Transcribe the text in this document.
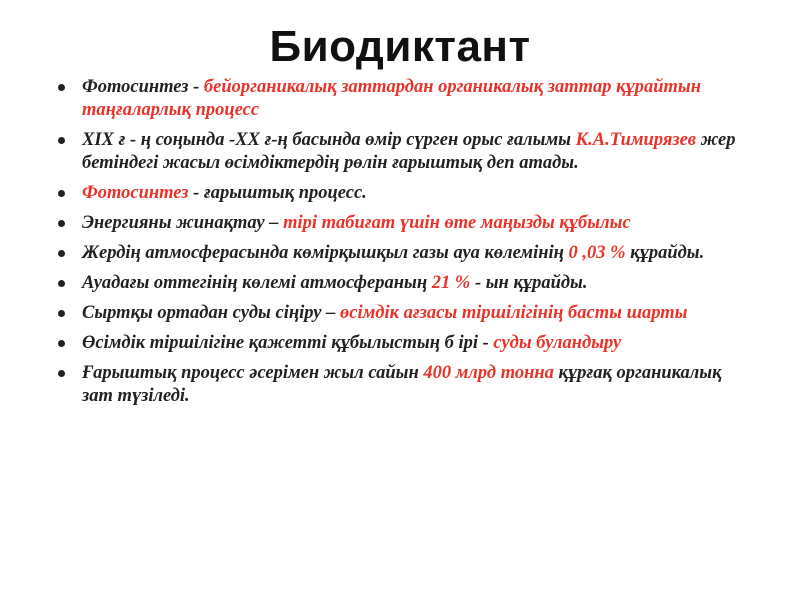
Биодиктант
Фотосинтез - бейорганикалық заттардан органикалық заттар құрайтын таңғаларлық процесс
XIX ғ - ң соңында -XX ғ-ң басында өмір сүрген орыс ғалымы К.А.Тимирязев жер бетіндегі жасыл өсімдіктердің рөлін ғарыштық деп атады.
Фотосинтез - ғарыштық процесс.
Энергияны жинақтау – тірі табиғат үшін өте маңызды құбылыс
Жердің атмосферасында көмірқышқыл газы ауа көлемінің 0 ,03 % құрайды.
Ауадағы оттегінің көлемі атмосфераның 21 % - ын құрайды.
Сыртқы ортадан суды сіңіру – өсімдік ағзасы тіршілігінің басты шарты
Өсімдік тіршілігіне қажетті құбылыстың б ірі - суды буландыру
Ғарыштық процесс әсерімен жыл сайын 400 млрд тонна құрғақ органикалық зат түзіледі.
